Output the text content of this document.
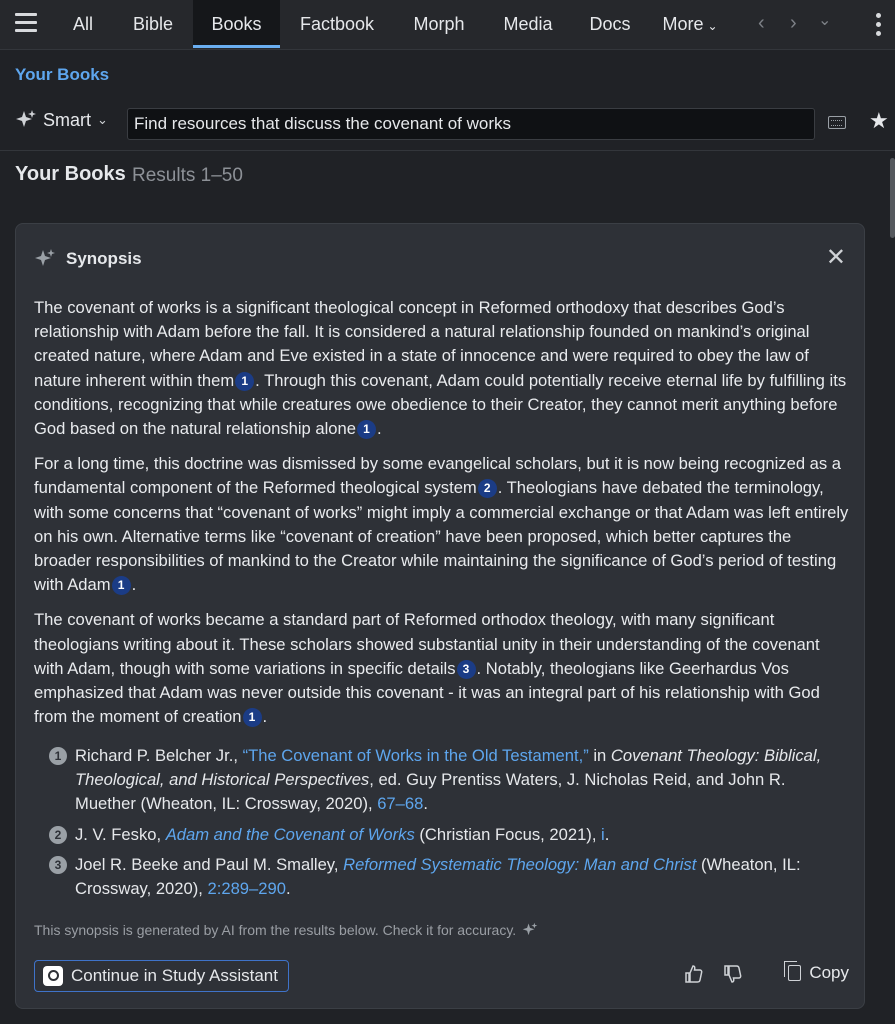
All	Bible	Books	Factbook	Morph	Media	Docs	More ⌄	‹ › ⌄
Your Books
Smart ⌄
Find resources that discuss the covenant of works	★
Your Books Results 1–50
Synopsis	✕

The covenant of works is a significant theological concept in Reformed orthodoxy that describes God’s relationship with Adam before the fall. It is considered a natural relationship founded on mankind’s original created nature, where Adam and Eve existed in a state of innocence and were required to obey the law of nature inherent within them 1 . Through this covenant, Adam could potentially receive eternal life by fulfilling its conditions, recognizing that while creatures owe obedience to their Creator, they cannot merit anything before God based on the natural relationship alone 1 .

For a long time, this doctrine was dismissed by some evangelical scholars, but it is now being recognized as a fundamental component of the Reformed theological system 2 . Theologians have debated the terminology, with some concerns that “covenant of works” might imply a commercial exchange or that Adam was left entirely on his own. Alternative terms like “covenant of creation” have been proposed, which better captures the broader responsibilities of mankind to the Creator while maintaining the significance of God’s period of testing with Adam 1 .

The covenant of works became a standard part of Reformed orthodox theology, with many significant theologians writing about it. These scholars showed substantial unity in their understanding of the covenant with Adam, though with some variations in specific details 3 . Notably, theologians like Geerhardus Vos emphasized that Adam was never outside this covenant - it was an integral part of his relationship with God from the moment of creation 1 .

1 Richard P. Belcher Jr., “The Covenant of Works in the Old Testament,” in Covenant Theology: Biblical, Theological, and Historical Perspectives, ed. Guy Prentiss Waters, J. Nicholas Reid, and John R. Muether (Wheaton, IL: Crossway, 2020), 67–68.
2 J. V. Fesko, Adam and the Covenant of Works (Christian Focus, 2021), i.
3 Joel R. Beeke and Paul M. Smalley, Reformed Systematic Theology: Man and Christ (Wheaton, IL: Crossway, 2020), 2:289–290.
This synopsis is generated by AI from the results below. Check it for accuracy.
Continue in Study Assistant	Copy
